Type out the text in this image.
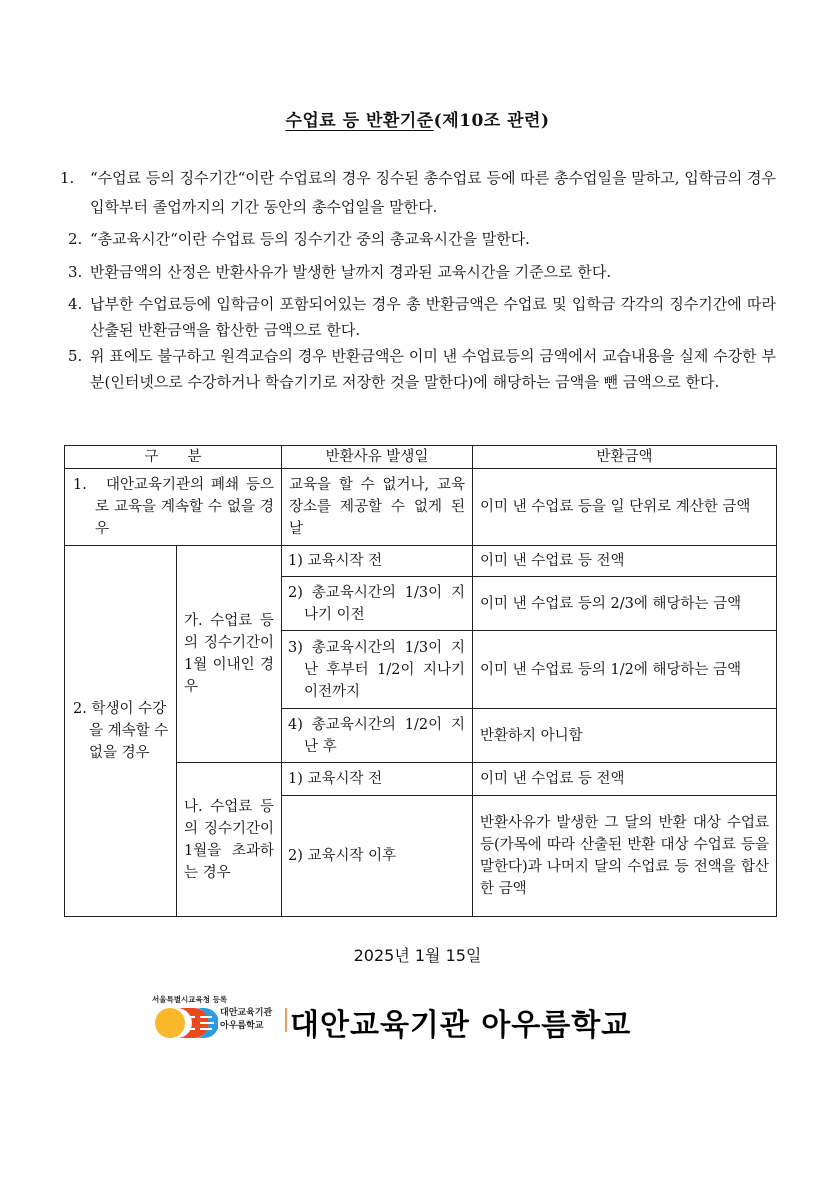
수업료 등 반환기준(제10조 관련)
1. “수업료 등의 징수기간“이란 수업료의 경우 징수된 총수업료 등에 따른 총수업일을 말하고, 입학금의 경우 입학부터 졸업까지의 기간 동안의 총수업일을 말한다.
2. “총교육시간“이란 수업료 등의 징수기간 중의 총교육시간을 말한다.
3. 반환금액의 산정은 반환사유가 발생한 날까지 경과된 교육시간을 기준으로 한다.
4. 납부한 수업료등에 입학금이 포함되어있는 경우 총 반환금액은 수업료 및 입학금 각각의 징수기간에 따라 산출된 반환금액을 합산한 금액으로 한다.
5. 위 표에도 불구하고 원격교습의 경우 반환금액은 이미 낸 수업료등의 금액에서 교습내용을 실제 수강한 부분(인터넷으로 수강하거나 학습기기로 저장한 것을 말한다)에 해당하는 금액을 뺀 금액으로 한다.
구　　분		반환사유 발생일	반환금액
1.　대안교육기관의 폐쇄 등으로 교육을 계속할 수 없을 경우		교육을 할 수 없거나, 교육 장소를 제공할 수 없게 된 날	이미 낸 수업료 등을 일 단위로 계산한 금액
2. 학생이 수강을 계속할 수 없을 경우	가. 수업료 등의 징수기간이 1월 이내인 경우	1) 교육시작 전	이미 낸 수업료 등 전액
		2) 총교육시간의 1/3이 지나기 이전	이미 낸 수업료 등의 2/3에 해당하는 금액
		3) 총교육시간의 1/3이 지난 후부터 1/2이 지나기 이전까지	이미 낸 수업료 등의 1/2에 해당하는 금액
		4) 총교육시간의 1/2이 지난 후	반환하지 아니함
	나. 수업료 등의 징수기간이 1월을 초과하는 경우	1) 교육시작 전	이미 낸 수업료 등 전액
		2) 교육시작 이후	반환사유가 발생한 그 달의 반환 대상 수업료 등(가목에 따라 산출된 반환 대상 수업료 등을 말한다)과 나머지 달의 수업료 등 전액을 합산한 금액
2025년 1월 15일
서울특별시교육청 등록
대안교육기관
아우름학교 대안교육기관 아우름학교
